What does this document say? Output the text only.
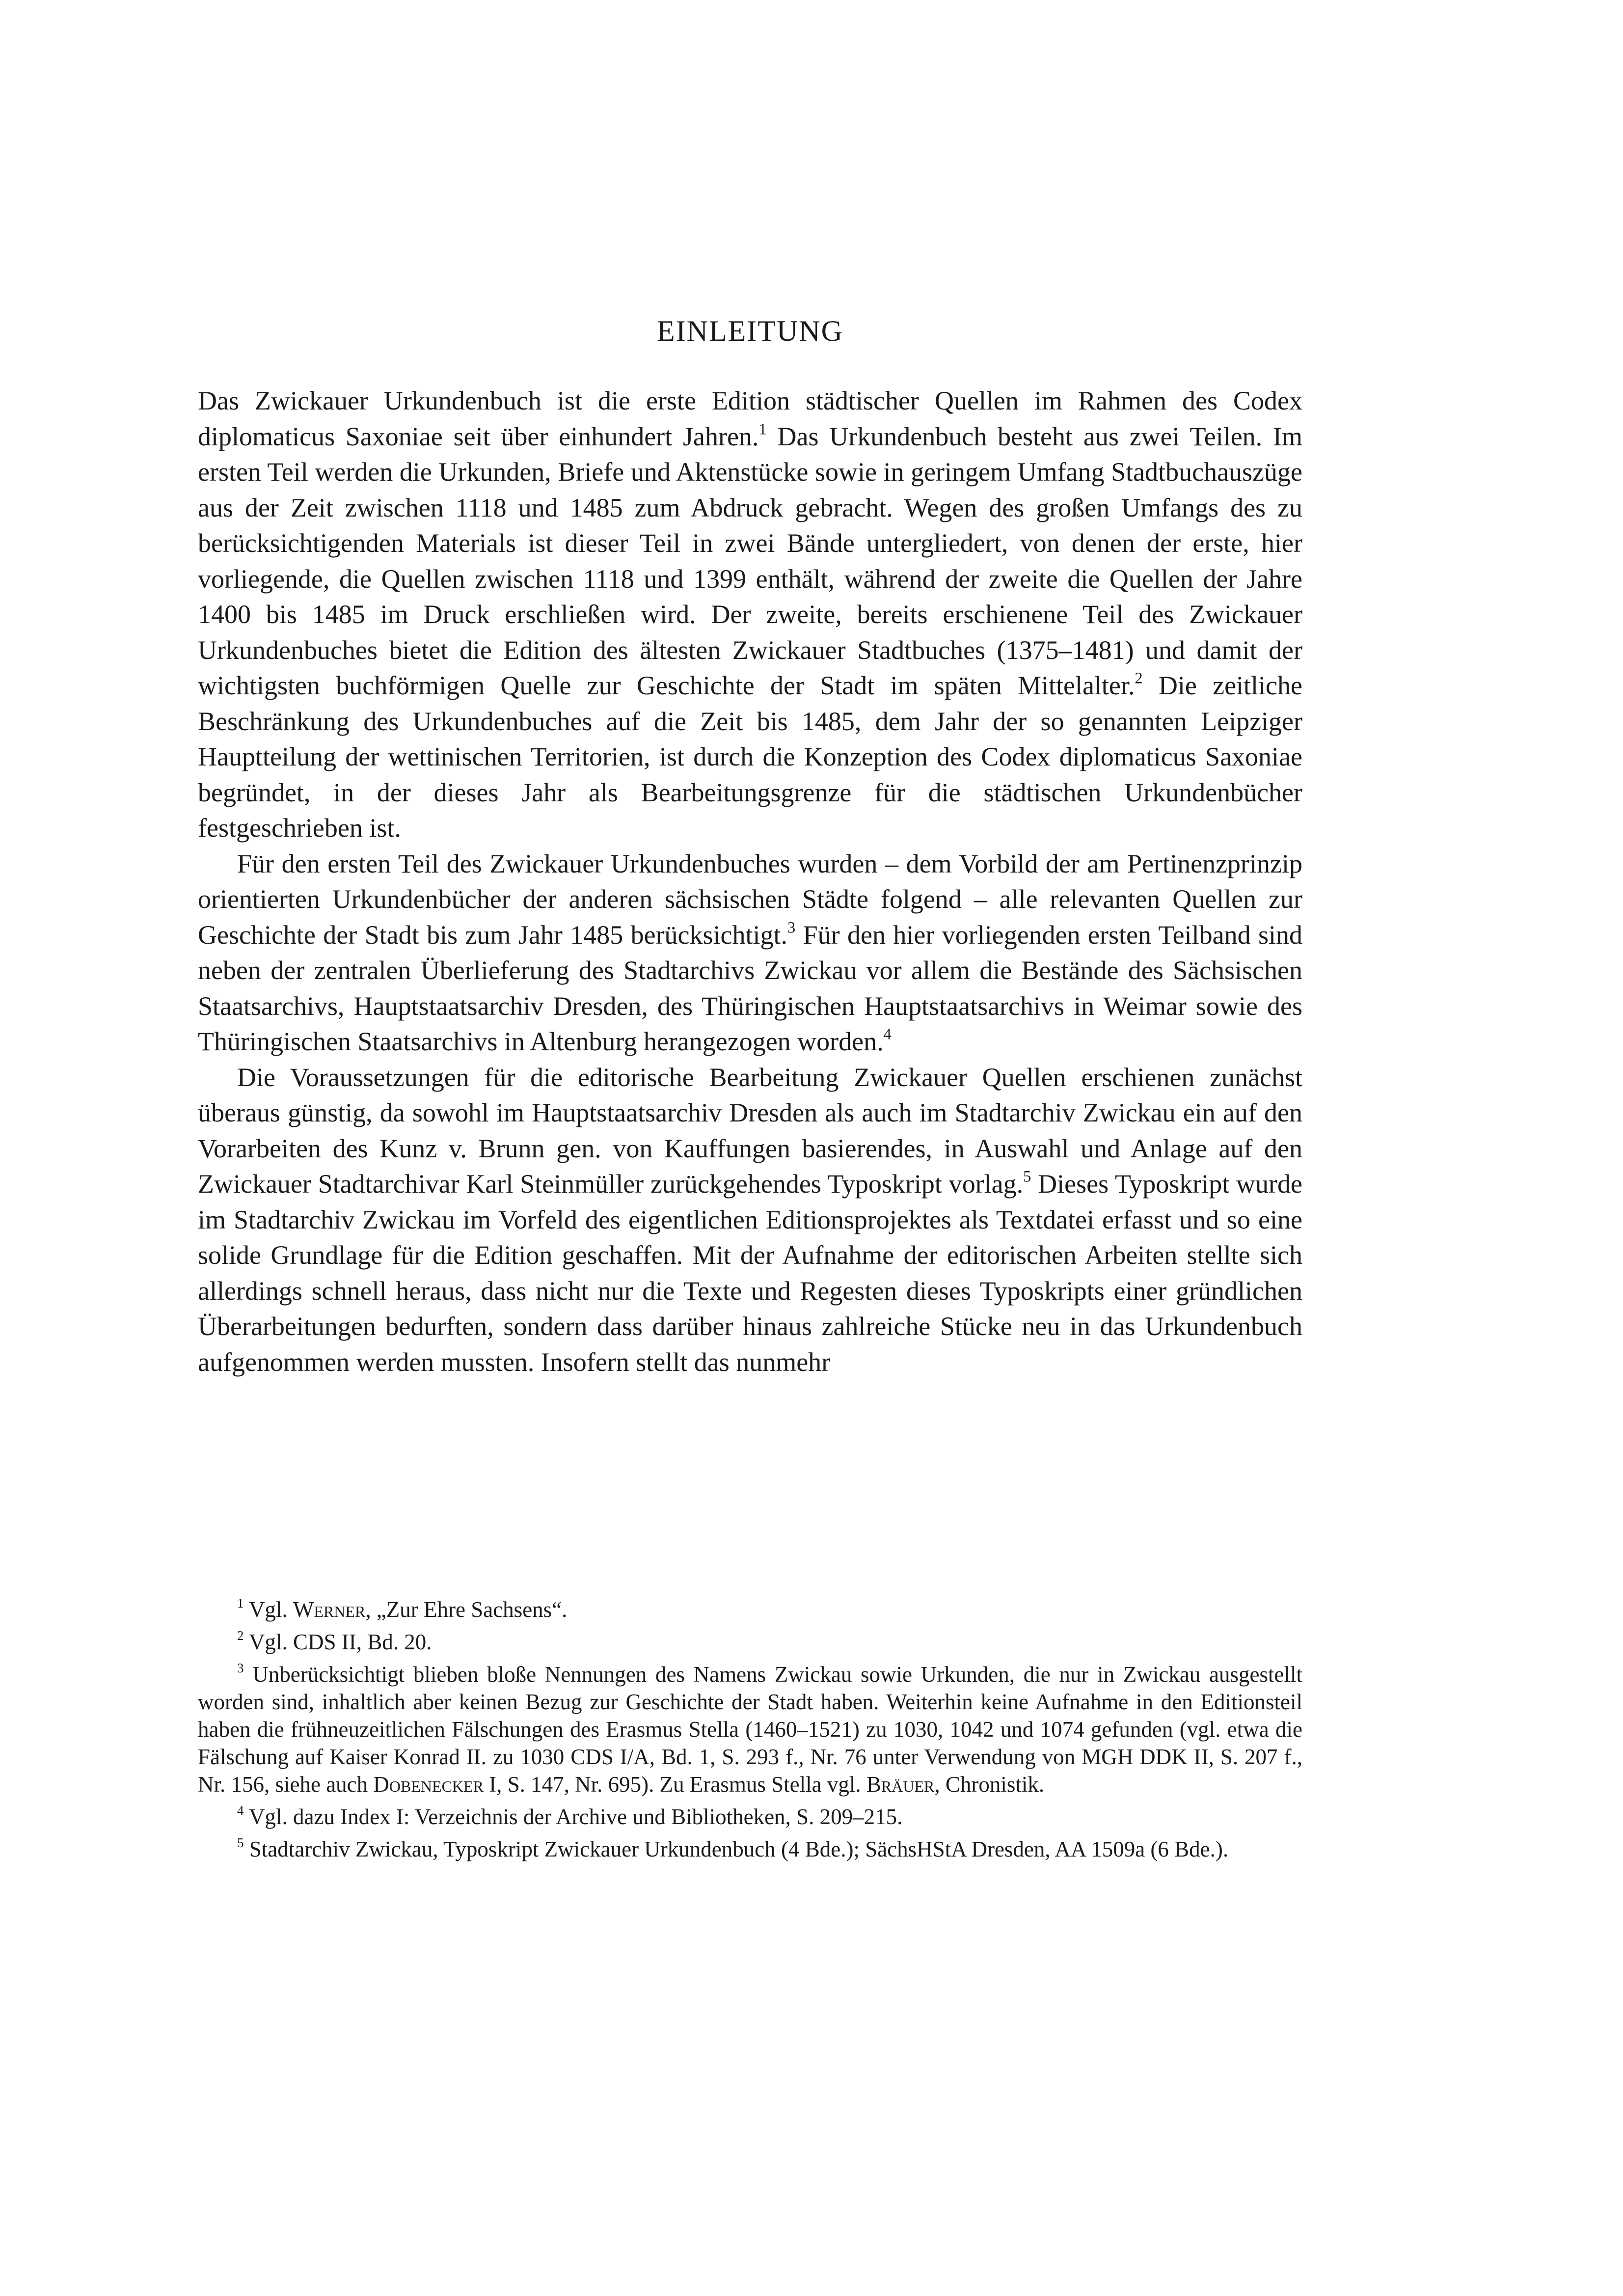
EINLEITUNG

Das Zwickauer Urkundenbuch ist die erste Edition städtischer Quellen im Rahmen des Codex diplomaticus Saxoniae seit über einhundert Jahren.$^1$ Das Urkundenbuch besteht aus zwei Teilen. Im ersten Teil werden die Urkunden, Briefe und Aktenstücke sowie in geringem Umfang Stadtbuchauszüge aus der Zeit zwischen 1118 und 1485 zum Abdruck gebracht. Wegen des großen Umfangs des zu berücksichtigenden Materials ist dieser Teil in zwei Bände untergliedert, von denen der erste, hier vorliegende, die Quellen zwischen 1118 und 1399 enthält, während der zweite die Quellen der Jahre 1400 bis 1485 im Druck erschließen wird. Der zweite, bereits erschienene Teil des Zwickauer Urkundenbuches bietet die Edition des ältesten Zwickauer Stadtbuches (1375–1481) und damit der wichtigsten buchförmigen Quelle zur Geschichte der Stadt im späten Mittelalter.$^2$ Die zeitliche Beschränkung des Urkundenbuches auf die Zeit bis 1485, dem Jahr der so genannten Leipziger Hauptteilung der wettinischen Territorien, ist durch die Konzeption des Codex diplomaticus Saxoniae begründet, in der dieses Jahr als Bearbeitungsgrenze für die städtischen Urkundenbücher festgeschrieben ist.

Für den ersten Teil des Zwickauer Urkundenbuches wurden – dem Vorbild der am Pertinenzprinzip orientierten Urkundenbücher der anderen sächsischen Städte folgend – alle relevanten Quellen zur Geschichte der Stadt bis zum Jahr 1485 berücksichtigt.$^3$ Für den hier vorliegenden ersten Teilband sind neben der zentralen Überlieferung des Stadtarchivs Zwickau vor allem die Bestände des Sächsischen Staatsarchivs, Hauptstaatsarchiv Dresden, des Thüringischen Hauptstaatsarchivs in Weimar sowie des Thüringischen Staatsarchivs in Altenburg herangezogen worden.$^4$

Die Voraussetzungen für die editorische Bearbeitung Zwickauer Quellen erschienen zunächst überaus günstig, da sowohl im Hauptstaatsarchiv Dresden als auch im Stadtarchiv Zwickau ein auf den Vorarbeiten des Kunz v. Brunn gen. von Kauffungen basierendes, in Auswahl und Anlage auf den Zwickauer Stadtarchivar Karl Steinmüller zurückgehendes Typoskript vorlag.$^5$ Dieses Typoskript wurde im Stadtarchiv Zwickau im Vorfeld des eigentlichen Editionsprojektes als Textdatei erfasst und so eine solide Grundlage für die Edition geschaffen. Mit der Aufnahme der editorischen Arbeiten stellte sich allerdings schnell heraus, dass nicht nur die Texte und Regesten dieses Typoskripts einer gründlichen Überarbeitungen bedurften, sondern dass darüber hinaus zahlreiche Stücke neu in das Urkundenbuch aufgenommen werden mussten. Insofern stellt das nunmehr

$^1$ Vgl. Werner, „Zur Ehre Sachsens“.

$^2$ Vgl. CDS II, Bd. 20.

$^3$ Unberücksichtigt blieben bloße Nennungen des Namens Zwickau sowie Urkunden, die nur in Zwickau ausgestellt worden sind, inhaltlich aber keinen Bezug zur Geschichte der Stadt haben. Weiterhin keine Aufnahme in den Editionsteil haben die frühneuzeitlichen Fälschungen des Erasmus Stella (1460–1521) zu 1030, 1042 und 1074 gefunden (vgl. etwa die Fälschung auf Kaiser Konrad II. zu 1030 CDS I/A, Bd. 1, S. 293 f., Nr. 76 unter Verwendung von MGH DDK II, S. 207 f., Nr. 156, siehe auch Dobenecker I, S. 147, Nr. 695). Zu Erasmus Stella vgl. Bräuer, Chronistik.

$^4$ Vgl. dazu Index I: Verzeichnis der Archive und Bibliotheken, S. 209–215.

$^5$ Stadtarchiv Zwickau, Typoskript Zwickauer Urkundenbuch (4 Bde.); SächsHStA Dresden, AA 1509a (6 Bde.).
